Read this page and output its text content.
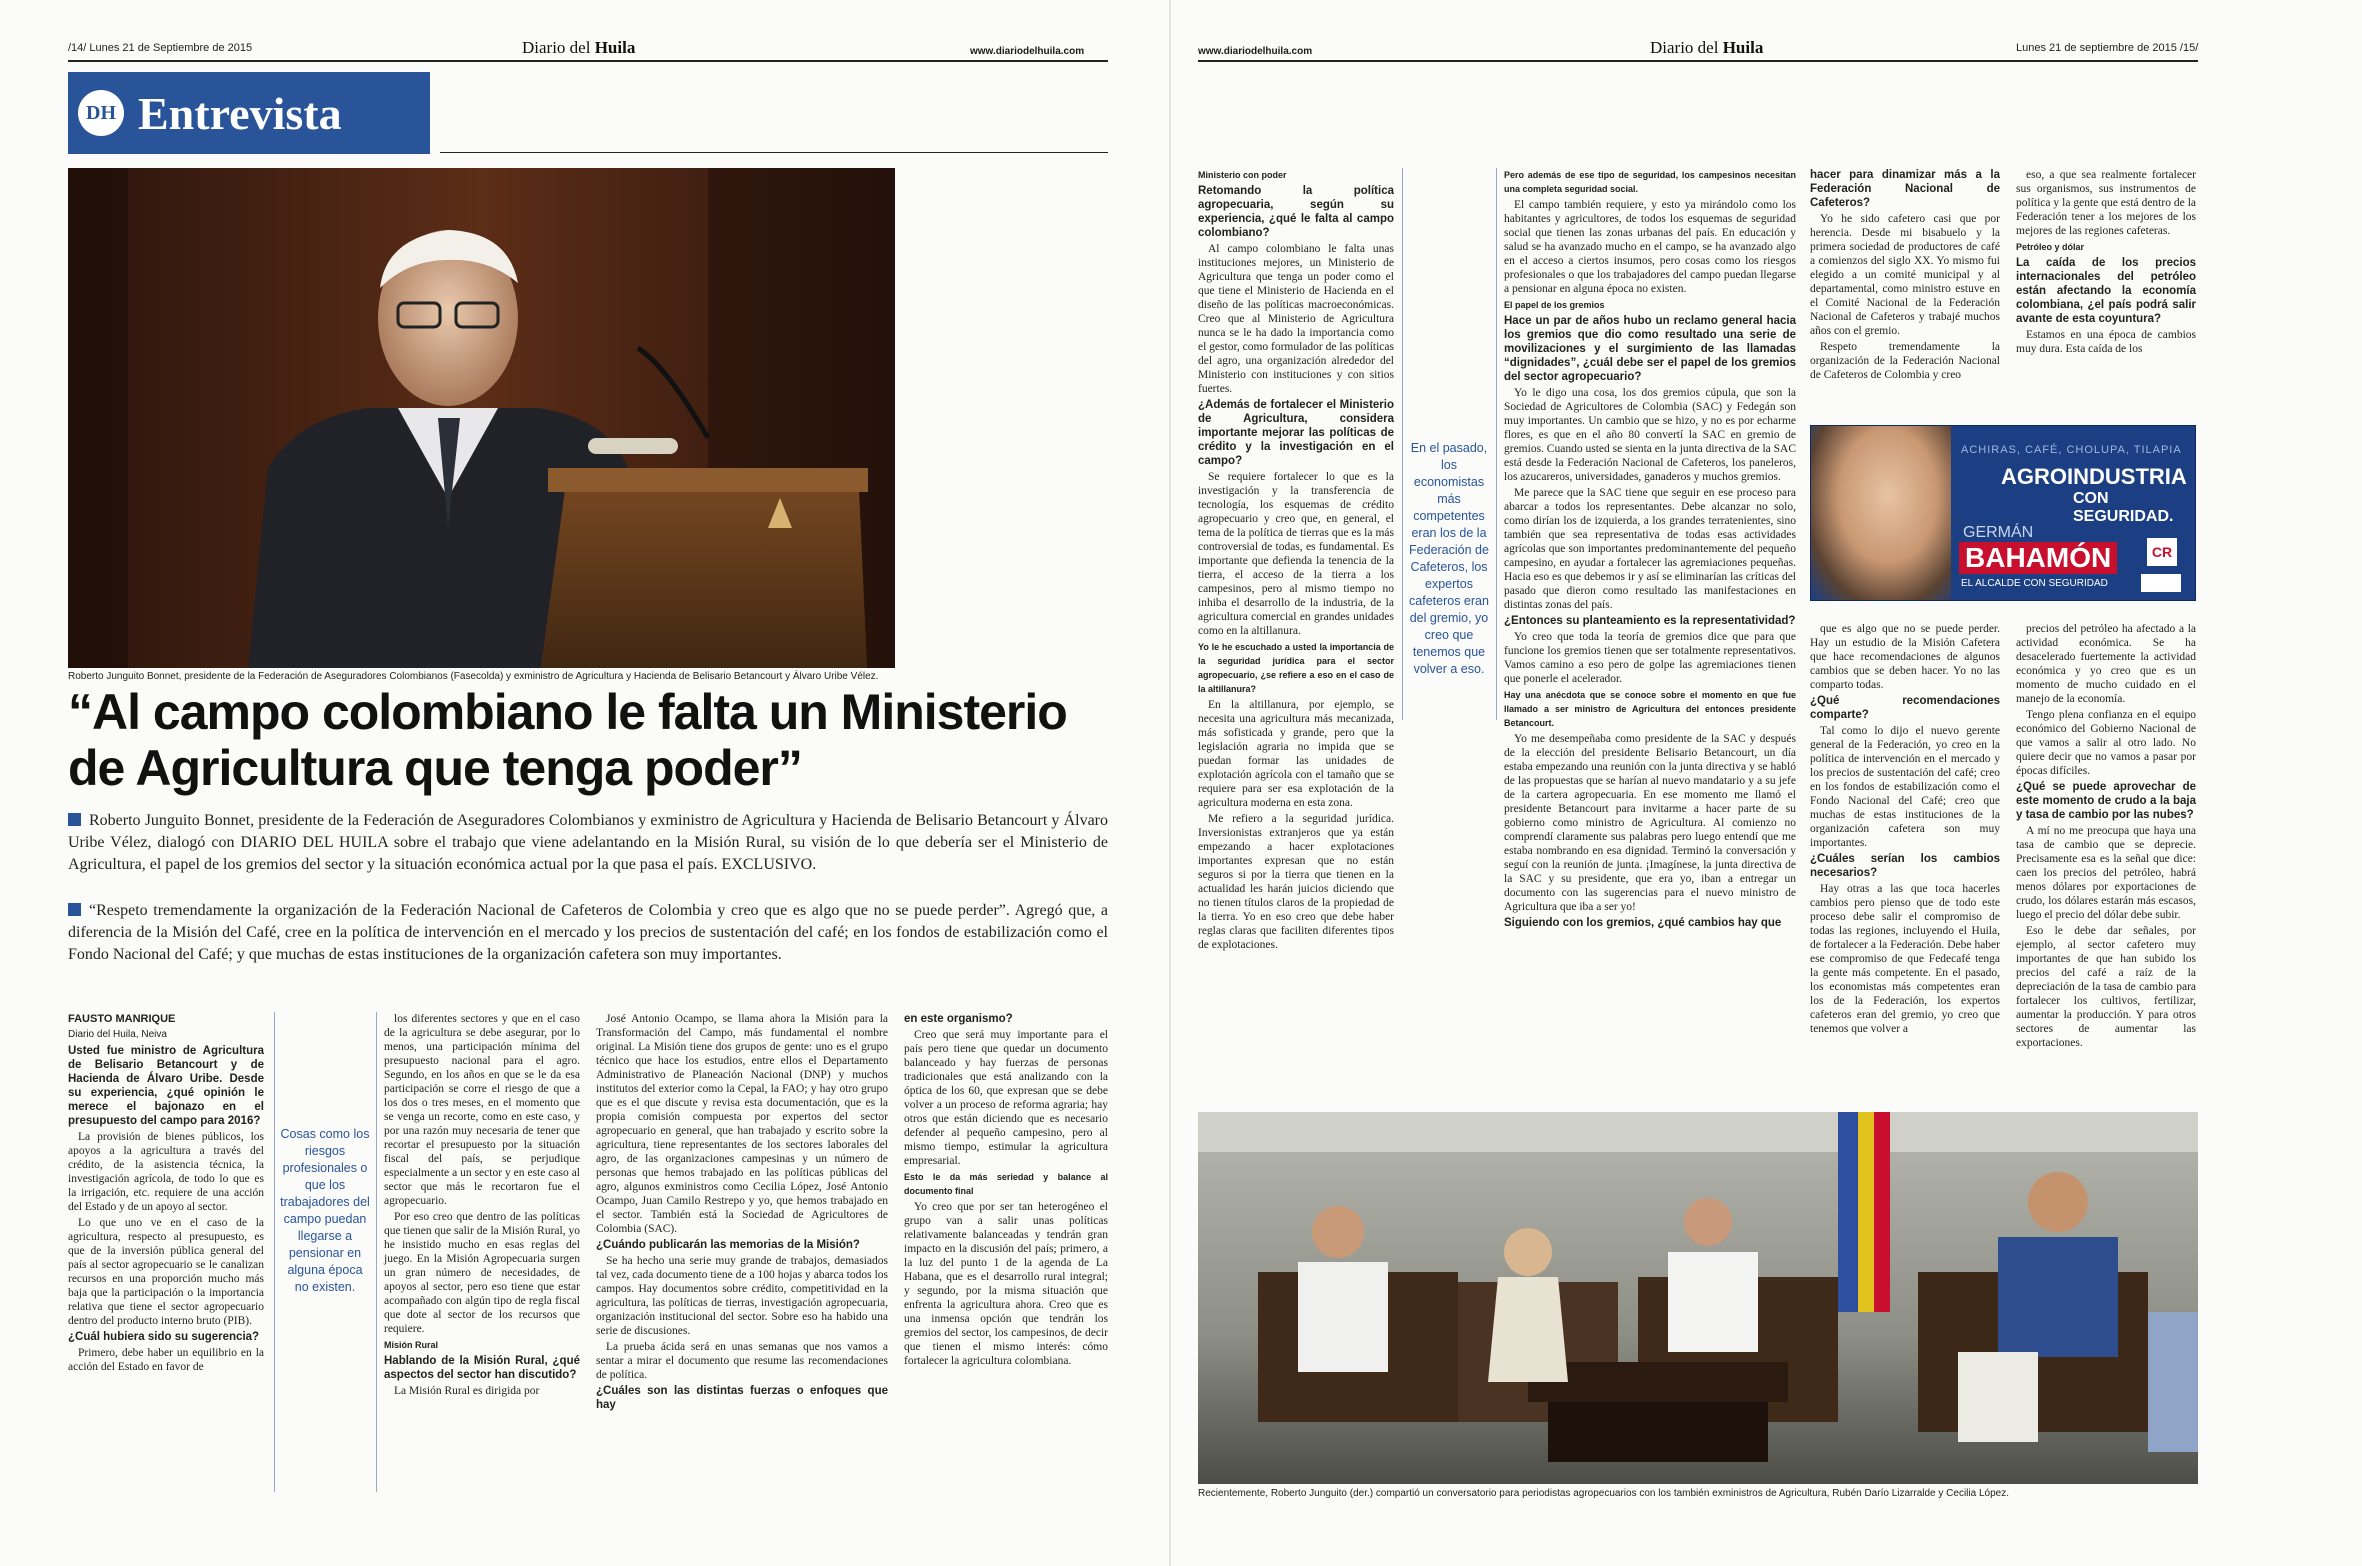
/14/ Lunes 21 de Septiembre de 2015	Diario del Huila	www.diariodelhuila.com
DH Entrevista
Roberto Junguito Bonnet, presidente de la Federación de Aseguradores Colombianos (Fasecolda) y exministro de Agricultura y Hacienda de Belisario Betancourt y Álvaro Uribe Vélez.
“Al campo colombiano le falta un Ministerio de Agricultura que tenga poder”
Roberto Junguito Bonnet, presidente de la Federación de Aseguradores Colombianos y exministro de Agricultura y Hacienda de Belisario Betancourt y Álvaro Uribe Vélez, dialogó con DIARIO DEL HUILA sobre el trabajo que viene adelantando en la Misión Rural, su visión de lo que debería ser el Ministerio de Agricultura, el papel de los gremios del sector y la situación económica actual por la que pasa el país. EXCLUSIVO.
“Respeto tremendamente la organización de la Federación Nacional de Cafeteros de Colombia y creo que es algo que no se puede perder”. Agregó que, a diferencia de la Misión del Café, cree en la política de intervención en el mercado y los precios de sustentación del café; en los fondos de estabilización como el Fondo Nacional del Café; y que muchas de estas instituciones de la organización cafetera son muy importantes.

FAUSTO MANRIQUE

Diario del Huila, Neiva

Usted fue ministro de Agricultura de Belisario Betancourt y de Hacienda de Álvaro Uribe. Desde su experiencia, ¿qué opinión le merece el bajonazo en el presupuesto del campo para 2016?

La provisión de bienes públicos, los apoyos a la agricultura a través del crédito, de la asistencia técnica, la investigación agrícola, de todo lo que es la irrigación, etc. requiere de una acción del Estado y de un apoyo al sector.

Lo que uno ve en el caso de la agricultura, respecto al presupuesto, es que de la inversión pública general del país al sector agropecuario se le canalizan recursos en una proporción mucho más baja que la participación o la importancia relativa que tiene el sector agropecuario dentro del producto interno bruto (PIB).

¿Cuál hubiera sido su sugerencia?

Primero, debe haber un equilibrio en la acción del Estado en favor de

Cosas como los riesgos profesionales o que los trabajadores del campo puedan llegarse a pensionar en alguna época no existen.

los diferentes sectores y que en el caso de la agricultura se debe asegurar, por lo menos, una participación mínima del presupuesto nacional para el agro. Segundo, en los años en que se le da esa participación se corre el riesgo de que a los dos o tres meses, en el momento que se venga un recorte, como en este caso, y por una razón muy necesaria de tener que recortar el presupuesto por la situación fiscal del país, se perjudique especialmente a un sector y en este caso al sector que más le recortaron fue el agropecuario.

Por eso creo que dentro de las políticas que tienen que salir de la Misión Rural, yo he insistido mucho en esas reglas del juego. En la Misión Agropecuaria surgen un gran número de necesidades, de apoyos al sector, pero eso tiene que estar acompañado con algún tipo de regla fiscal que dote al sector de los recursos que requiere.

Misión Rural

Hablando de la Misión Rural, ¿qué aspectos del sector han discutido?

La Misión Rural es dirigida por

José Antonio Ocampo, se llama ahora la Misión para la Transformación del Campo, más fundamental el nombre original. La Misión tiene dos grupos de gente: uno es el grupo técnico que hace los estudios, entre ellos el Departamento Administrativo de Planeación Nacional (DNP) y muchos institutos del exterior como la Cepal, la FAO; y hay otro grupo que es el que discute y revisa esta documentación, que es la propia comisión compuesta por expertos del sector agropecuario en general, que han trabajado y escrito sobre la agricultura, tiene representantes de los sectores laborales del agro, de las organizaciones campesinas y un número de personas que hemos trabajado en las políticas públicas del agro, algunos exministros como Cecilia López, José Antonio Ocampo, Juan Camilo Restrepo y yo, que hemos trabajado en el sector. También está la Sociedad de Agricultores de Colombia (SAC).

¿Cuándo publicarán las memorias de la Misión?

Se ha hecho una serie muy grande de trabajos, demasiados tal vez, cada documento tiene de a 100 hojas y abarca todos los campos. Hay documentos sobre crédito, competitividad en la agricultura, las políticas de tierras, investigación agropecuaria, organización institucional del sector. Sobre eso ha habido una serie de discusiones.

La prueba ácida será en unas semanas que nos vamos a sentar a mirar el documento que resume las recomendaciones de política.

¿Cuáles son las distintas fuerzas o enfoques que hay

en este organismo?

Creo que será muy importante para el país pero tiene que quedar un documento balanceado y hay fuerzas de personas tradicionales que está analizando con la óptica de los 60, que expresan que se debe volver a un proceso de reforma agraria; hay otros que están diciendo que es necesario defender al pequeño campesino, pero al mismo tiempo, estimular la agricultura empresarial.

Esto le da más seriedad y balance al documento final

Yo creo que por ser tan heterogéneo el grupo van a salir unas políticas relativamente balanceadas y tendrán gran impacto en la discusión del país; primero, a la luz del punto 1 de la agenda de La Habana, que es el desarrollo rural integral; y segundo, por la misma situación que enfrenta la agricultura ahora. Creo que es una inmensa opción que tendrán los gremios del sector, los campesinos, de decir que tienen el mismo interés: cómo fortalecer la agricultura colombiana.

www.diariodelhuila.com	Diario del Huila	Lunes 21 de septiembre de 2015 /15/

Ministerio con poder

Retomando la política agropecuaria, según su experiencia, ¿qué le falta al campo colombiano?

Al campo colombiano le falta unas instituciones mejores, un Ministerio de Agricultura que tenga un poder como el que tiene el Ministerio de Hacienda en el diseño de las políticas macroeconómicas. Creo que al Ministerio de Agricultura nunca se le ha dado la importancia como el gestor, como formulador de las políticas del agro, una organización alrededor del Ministerio con instituciones y con sitios fuertes.

¿Además de fortalecer el Ministerio de Agricultura, considera importante mejorar las políticas de crédito y la investigación en el campo?

Se requiere fortalecer lo que es la investigación y la transferencia de tecnología, los esquemas de crédito agropecuario y creo que, en general, el tema de la política de tierras que es la más controversial de todas, es fundamental. Es importante que defienda la tenencia de la tierra, el acceso de la tierra a los campesinos, pero al mismo tiempo no inhiba el desarrollo de la industria, de la agricultura comercial en grandes unidades como en la altillanura.

Yo le he escuchado a usted la importancia de la seguridad jurídica para el sector agropecuario, ¿se refiere a eso en el caso de la altillanura?

En la altillanura, por ejemplo, se necesita una agricultura más mecanizada, más sofisticada y grande, pero que la legislación agraria no impida que se puedan formar las unidades de explotación agrícola con el tamaño que se requiere para ser esa explotación de la agricultura moderna en esta zona.

Me refiero a la seguridad jurídica. Inversionistas extranjeros que ya están empezando a hacer explotaciones importantes expresan que no están seguros si por la tierra que tienen en la actualidad les harán juicios diciendo que no tienen títulos claros de la propiedad de la tierra. Yo en eso creo que debe haber reglas claras que faciliten diferentes tipos de explotaciones.

En el pasado, los economistas más competentes eran los de la Federación de Cafeteros, los expertos cafeteros eran del gremio, yo creo que tenemos que volver a eso.

Pero además de ese tipo de seguridad, los campesinos necesitan una completa seguridad social.

El campo también requiere, y esto ya mirándolo como los habitantes y agricultores, de todos los esquemas de seguridad social que tienen las zonas urbanas del país. En educación y salud se ha avanzado mucho en el campo, se ha avanzado algo en el acceso a ciertos insumos, pero cosas como los riesgos profesionales o que los trabajadores del campo puedan llegarse a pensionar en alguna época no existen.

El papel de los gremios

Hace un par de años hubo un reclamo general hacia los gremios que dio como resultado una serie de movilizaciones y el surgimiento de las llamadas “dignidades”, ¿cuál debe ser el papel de los gremios del sector agropecuario?

Yo le digo una cosa, los dos gremios cúpula, que son la Sociedad de Agricultores de Colombia (SAC) y Fedegán son muy importantes. Un cambio que se hizo, y no es por echarme flores, es que en el año 80 convertí la SAC en gremio de gremios. Cuando usted se sienta en la junta directiva de la SAC está desde la Federación Nacional de Cafeteros, los paneleros, los azucareros, universidades, ganaderos y muchos gremios.

Me parece que la SAC tiene que seguir en ese proceso para abarcar a todos los representantes. Debe alcanzar no solo, como dirían los de izquierda, a los grandes terratenientes, sino también que sea representativa de todas esas actividades agrícolas que son importantes predominantemente del pequeño campesino, en ayudar a fortalecer las agremiaciones pequeñas. Hacia eso es que debemos ir y así se eliminarían las críticas del pasado que dieron como resultado las manifestaciones en distintas zonas del país.

¿Entonces su planteamiento es la representatividad?

Yo creo que toda la teoría de gremios dice que para que funcione los gremios tienen que ser totalmente representativos. Vamos camino a eso pero de golpe las agremiaciones tienen que ponerle el acelerador.

Hay una anécdota que se conoce sobre el momento en que fue llamado a ser ministro de Agricultura del entonces presidente Betancourt.

Yo me desempeñaba como presidente de la SAC y después de la elección del presidente Belisario Betancourt, un día estaba empezando una reunión con la junta directiva y se habló de las propuestas que se harían al nuevo mandatario y a su jefe de la cartera agropecuaria. En ese momento me llamó el presidente Betancourt para invitarme a hacer parte de su gobierno como ministro de Agricultura. Al comienzo no comprendí claramente sus palabras pero luego entendí que me estaba nombrando en esa dignidad. Terminó la conversación y seguí con la reunión de junta. ¡Imagínese, la junta directiva de la SAC y su presidente, que era yo, iban a entregar un documento con las sugerencias para el nuevo ministro de Agricultura que iba a ser yo!

Siguiendo con los gremios, ¿qué cambios hay que

hacer para dinamizar más a la Federación Nacional de Cafeteros?

Yo he sido cafetero casi que por herencia. Desde mi bisabuelo y la primera sociedad de productores de café a comienzos del siglo XX. Yo mismo fui elegido a un comité municipal y al departamental, como ministro estuve en el Comité Nacional de la Federación Nacional de Cafeteros y trabajé muchos años con el gremio.

Respeto tremendamente la organización de la Federación Nacional de Cafeteros de Colombia y creo

eso, a que sea realmente fortalecer sus organismos, sus instrumentos de política y la gente que está dentro de la Federación tener a los mejores de los mejores de las regiones cafeteras.

Petróleo y dólar

La caída de los precios internacionales del petróleo están afectando la economía colombiana, ¿el país podrá salir avante de esta coyuntura?

Estamos en una época de cambios muy dura. Esta caída de los

ACHIRAS, CAFÉ, CHOLUPA, TILAPIA
AGROINDUSTRIA
CON SEGURIDAD.
GERMÁN
BAHAMÓN
EL ALCALDE CON SEGURIDAD
CR

que es algo que no se puede perder. Hay un estudio de la Misión Cafetera que hace recomendaciones de algunos cambios que se deben hacer. Yo no las comparto todas.

¿Qué recomendaciones comparte?

Tal como lo dijo el nuevo gerente general de la Federación, yo creo en la política de intervención en el mercado y los precios de sustentación del café; creo en los fondos de estabilización como el Fondo Nacional del Café; creo que muchas de estas instituciones de la organización cafetera son muy importantes.

¿Cuáles serían los cambios necesarios?

Hay otras a las que toca hacerles cambios pero pienso que de todo este proceso debe salir el compromiso de todas las regiones, incluyendo el Huila, de fortalecer a la Federación. Debe haber ese compromiso de que Fedecafé tenga la gente más competente. En el pasado, los economistas más competentes eran los de la Federación, los expertos cafeteros eran del gremio, yo creo que tenemos que volver a

precios del petróleo ha afectado a la actividad económica. Se ha desacelerado fuertemente la actividad económica y yo creo que es un momento de mucho cuidado en el manejo de la economía.

Tengo plena confianza en el equipo económico del Gobierno Nacional de que vamos a salir al otro lado. No quiere decir que no vamos a pasar por épocas difíciles.

¿Qué se puede aprovechar de este momento de crudo a la baja y tasa de cambio por las nubes?

A mí no me preocupa que haya una tasa de cambio que se deprecie. Precisamente esa es la señal que dice: caen los precios del petróleo, habrá menos dólares por exportaciones de crudo, los dólares estarán más escasos, luego el precio del dólar debe subir.

Eso le debe dar señales, por ejemplo, al sector cafetero muy importantes de que han subido los precios del café a raíz de la depreciación de la tasa de cambio para fortalecer los cultivos, fertilizar, aumentar la producción. Y para otros sectores de aumentar las exportaciones.

Recientemente, Roberto Junguito (der.) compartió un conversatorio para periodistas agropecuarios con los también exministros de Agricultura, Rubén Darío Lizarralde y Cecilia López.
